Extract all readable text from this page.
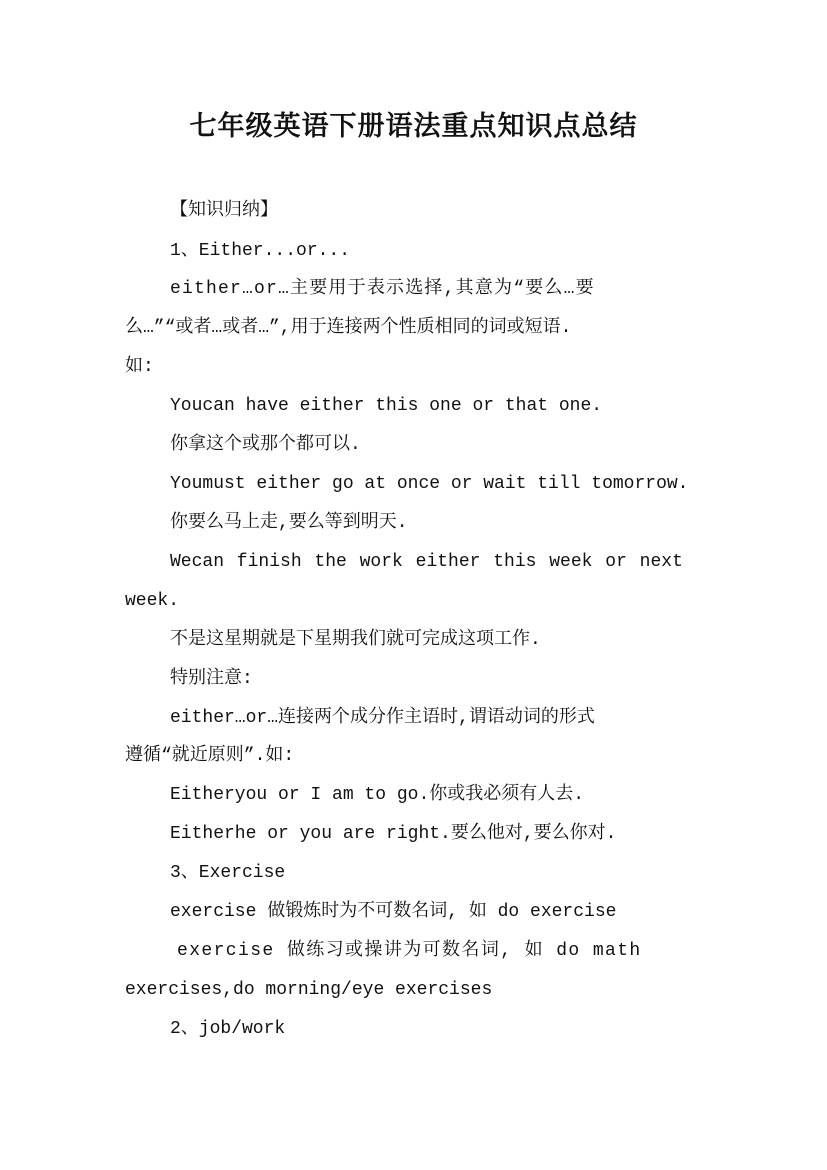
七年级英语下册语法重点知识点总结
【知识归纳】
1、Either...or...
either…or…主要用于表示选择,其意为“要么…要
么…”“或者…或者…”,用于连接两个性质相同的词或短语.
如:
Youcan have either this one or that one.
你拿这个或那个都可以.
Youmust either go at once or wait till tomorrow.
你要么马上走,要么等到明天.
Wecan finish the work either this week or next
week.
不是这星期就是下星期我们就可完成这项工作.
特别注意:
either…or…连接两个成分作主语时,谓语动词的形式
遵循“就近原则”.如:
Eitheryou or I am to go.你或我必须有人去.
Eitherhe or you are right.要么他对,要么你对.
3、Exercise
exercise 做锻炼时为不可数名词, 如 do exercise
exercise 做练习或操讲为可数名词, 如 do math
exercises,do morning/eye exercises
2、job/work
